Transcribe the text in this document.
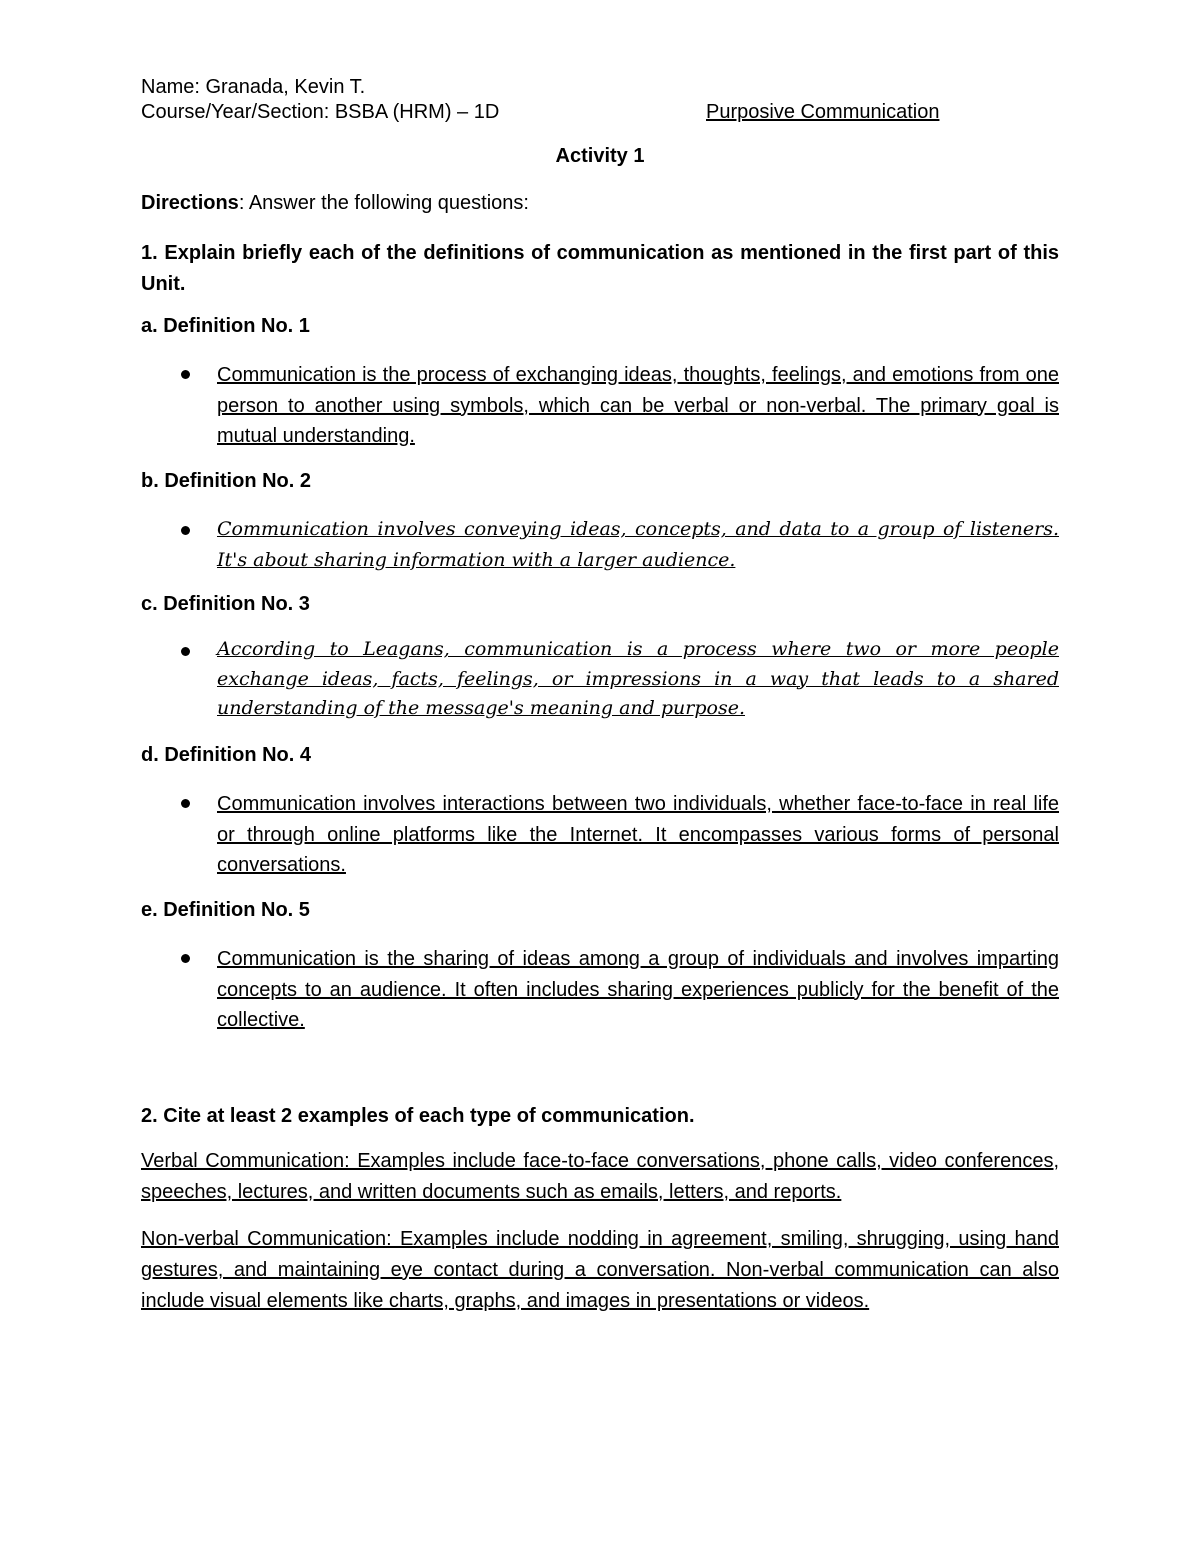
Name: Granada, Kevin T.
Course/Year/Section: BSBA (HRM) – 1D	Purposive Communication
Activity 1
Directions: Answer the following questions:
1. Explain briefly each of the definitions of communication as mentioned in the first part of this Unit.
a. Definition No. 1
Communication is the process of exchanging ideas, thoughts, feelings, and emotions from one person to another using symbols, which can be verbal or non-verbal. The primary goal is mutual understanding.
b. Definition No. 2
Communication involves conveying ideas, concepts, and data to a group of listeners. It's about sharing information with a larger audience.
c. Definition No. 3
According to Leagans, communication is a process where two or more people exchange ideas, facts, feelings, or impressions in a way that leads to a shared understanding of the message's meaning and purpose.
d. Definition No. 4
Communication involves interactions between two individuals, whether face-to-face in real life or through online platforms like the Internet. It encompasses various forms of personal conversations.
e. Definition No. 5
Communication is the sharing of ideas among a group of individuals and involves imparting concepts to an audience. It often includes sharing experiences publicly for the benefit of the collective.
2. Cite at least 2 examples of each type of communication.
Verbal Communication: Examples include face-to-face conversations, phone calls, video conferences, speeches, lectures, and written documents such as emails, letters, and reports.
Non-verbal Communication: Examples include nodding in agreement, smiling, shrugging, using hand gestures, and maintaining eye contact during a conversation. Non-verbal communication can also include visual elements like charts, graphs, and images in presentations or videos.
